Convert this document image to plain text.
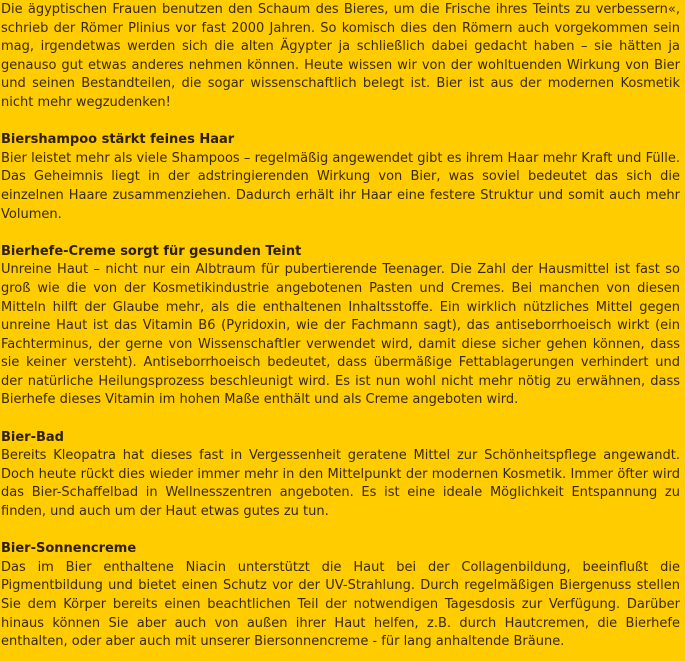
Die ägyptischen Frauen benutzen den Schaum des Bieres, um die Frische ihres Teints zu verbessern«, schrieb der Römer Plinius vor fast 2000 Jahren. So komisch dies den Römern auch vorgekommen sein mag, irgendetwas werden sich die alten Ägypter ja schließlich dabei gedacht haben – sie hätten ja genauso gut etwas anderes nehmen können. Heute wissen wir von der wohltuenden Wirkung von Bier und seinen Bestandteilen, die sogar wissenschaftlich belegt ist. Bier ist aus der modernen Kosmetik nicht mehr wegzudenken!

Biershampoo stärkt feines Haar

Bier leistet mehr als viele Shampoos – regelmäßig angewendet gibt es ihrem Haar mehr Kraft und Fülle. Das Geheimnis liegt in der adstringierenden Wirkung von Bier, was soviel bedeutet das sich die einzelnen Haare zusammenziehen. Dadurch erhält ihr Haar eine festere Struktur und somit auch mehr Volumen.

Bierhefe-Creme sorgt für gesunden Teint

Unreine Haut – nicht nur ein Albtraum für pubertierende Teenager. Die Zahl der Hausmittel ist fast so groß wie die von der Kosmetikindustrie angebotenen Pasten und Cremes. Bei manchen von diesen Mitteln hilft der Glaube mehr, als die enthaltenen Inhaltsstoffe. Ein wirklich nützliches Mittel gegen unreine Haut ist das Vitamin B6 (Pyridoxin, wie der Fachmann sagt), das antiseborrhoeisch wirkt (ein Fachterminus, der gerne von Wissenschaftler verwendet wird, damit diese sicher gehen können, dass sie keiner versteht). Antiseborrhoeisch bedeutet, dass übermäßige Fettablagerungen verhindert und der natürliche Heilungsprozess beschleunigt wird. Es ist nun wohl nicht mehr nötig zu erwähnen, dass Bierhefe dieses Vitamin im hohen Maße enthält und als Creme angeboten wird.

Bier-Bad

Bereits Kleopatra hat dieses fast in Vergessenheit geratene Mittel zur Schönheitspflege angewandt. Doch heute rückt dies wieder immer mehr in den Mittelpunkt der modernen Kosmetik. Immer öfter wird das Bier-Schaffelbad in Wellnesszentren angeboten. Es ist eine ideale Möglichkeit Entspannung zu finden, und auch um der Haut etwas gutes zu tun.

Bier-Sonnencreme

Das im Bier enthaltene Niacin unterstützt die Haut bei der Collagenbildung, beeinflußt die Pigmentbildung und bietet einen Schutz vor der UV-Strahlung. Durch regelmäßigen Biergenuss stellen Sie dem Körper bereits einen beachtlichen Teil der notwendigen Tagesdosis zur Verfügung. Darüber hinaus können Sie aber auch von außen ihrer Haut helfen, z.B. durch Hautcremen, die Bierhefe enthalten, oder aber auch mit unserer Biersonnencreme - für lang anhaltende Bräune.
